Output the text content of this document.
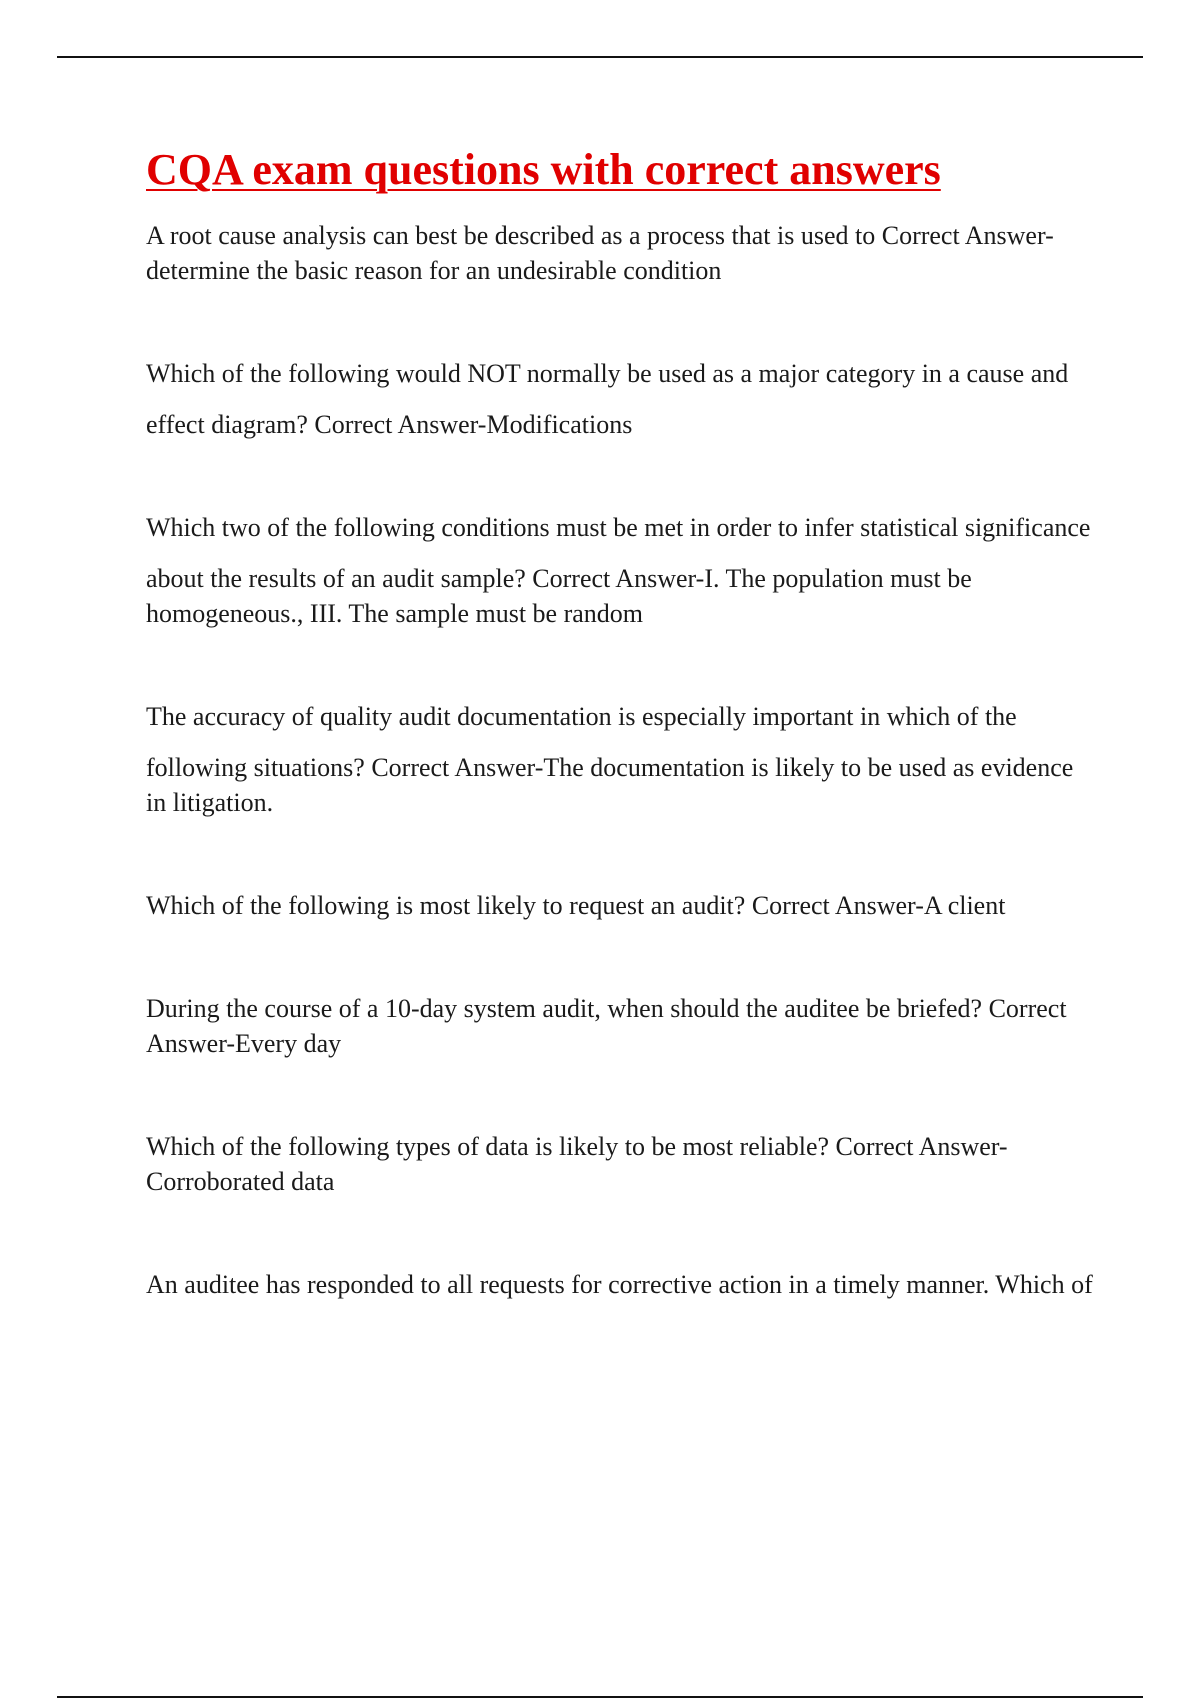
CQA exam questions with correct answers

A root cause analysis can best be described as a process that is used to Correct Answer-determine the basic reason for an undesirable condition

Which of the following would NOT normally be used as a major category in a cause and

effect diagram? Correct Answer-Modifications

Which two of the following conditions must be met in order to infer statistical significance

about the results of an audit sample? Correct Answer-I. The population must be homogeneous., III. The sample must be random

The accuracy of quality audit documentation is especially important in which of the

following situations? Correct Answer-The documentation is likely to be used as evidence in litigation.

Which of the following is most likely to request an audit? Correct Answer-A client

During the course of a 10-day system audit, when should the auditee be briefed? Correct Answer-Every day

Which of the following types of data is likely to be most reliable? Correct Answer-Corroborated data

An auditee has responded to all requests for corrective action in a timely manner. Which of
